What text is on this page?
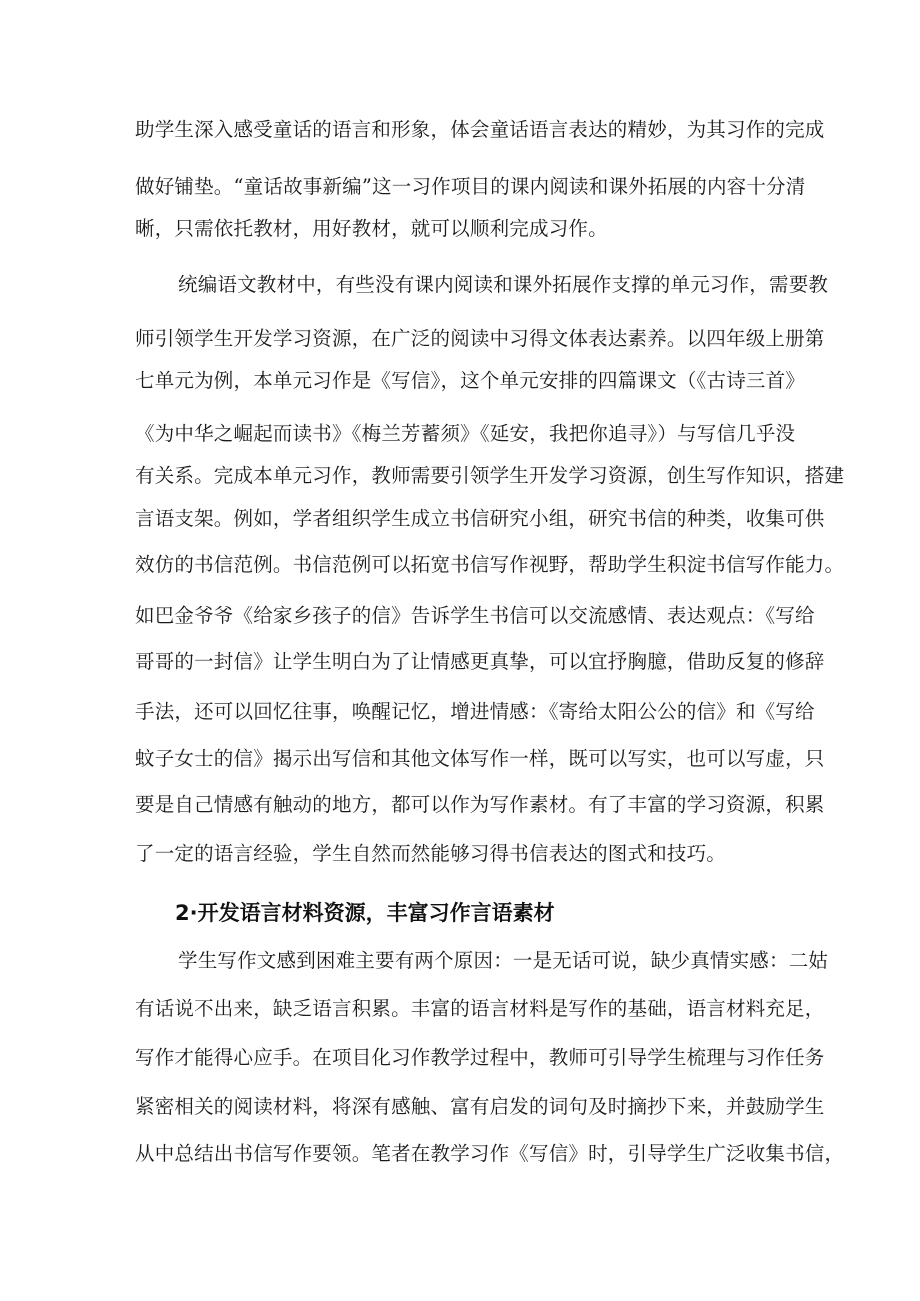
助学生深入感受童话的语言和形象，体会童话语言表达的精妙，为其习作的完成
做好铺垫。“童话故事新编”这一习作项目的课内阅读和课外拓展的内容十分清
晰，只需依托教材，用好教材，就可以顺利完成习作。
统编语文教材中，有些没有课内阅读和课外拓展作支撑的单元习作，需要教
师引领学生开发学习资源，在广泛的阅读中习得文体表达素养。以四年级上册第
七单元为例，本单元习作是《写信》，这个单元安排的四篇课文（《古诗三首》
《为中华之崛起而读书》《梅兰芳蓄须》《延安，我把你追寻》）与写信几乎没
有关系。完成本单元习作，教师需要引领学生开发学习资源，创生写作知识，搭建
言语支架。例如，学者组织学生成立书信研究小组，研究书信的种类，收集可供
效仿的书信范例。书信范例可以拓宽书信写作视野，帮助学生积淀书信写作能力。
如巴金爷爷《给家乡孩子的信》告诉学生书信可以交流感情、表达观点：《写给
哥哥的一封信》让学生明白为了让情感更真挚，可以宜抒胸臆，借助反复的修辞
手法，还可以回忆往事，唤醒记忆，增进情感：《寄给太阳公公的信》和《写给
蚊子女士的信》揭示出写信和其他文体写作一样，既可以写实，也可以写虚，只
要是自己情感有触动的地方，都可以作为写作素材。有了丰富的学习资源，积累
了一定的语言经验，学生自然而然能够习得书信表达的图式和技巧。
2·开发语言材料资源，丰富习作言语素材
学生写作文感到困难主要有两个原因：一是无话可说，缺少真情实感：二姑
有话说不出来，缺乏语言积累。丰富的语言材料是写作的基础，语言材料充足，
写作才能得心应手。在项目化习作教学过程中，教师可引导学生梳理与习作任务
紧密相关的阅读材料，将深有感触、富有启发的词句及时摘抄下来，并鼓励学生
从中总结出书信写作要领。笔者在教学习作《写信》时，引导学生广泛收集书信，
